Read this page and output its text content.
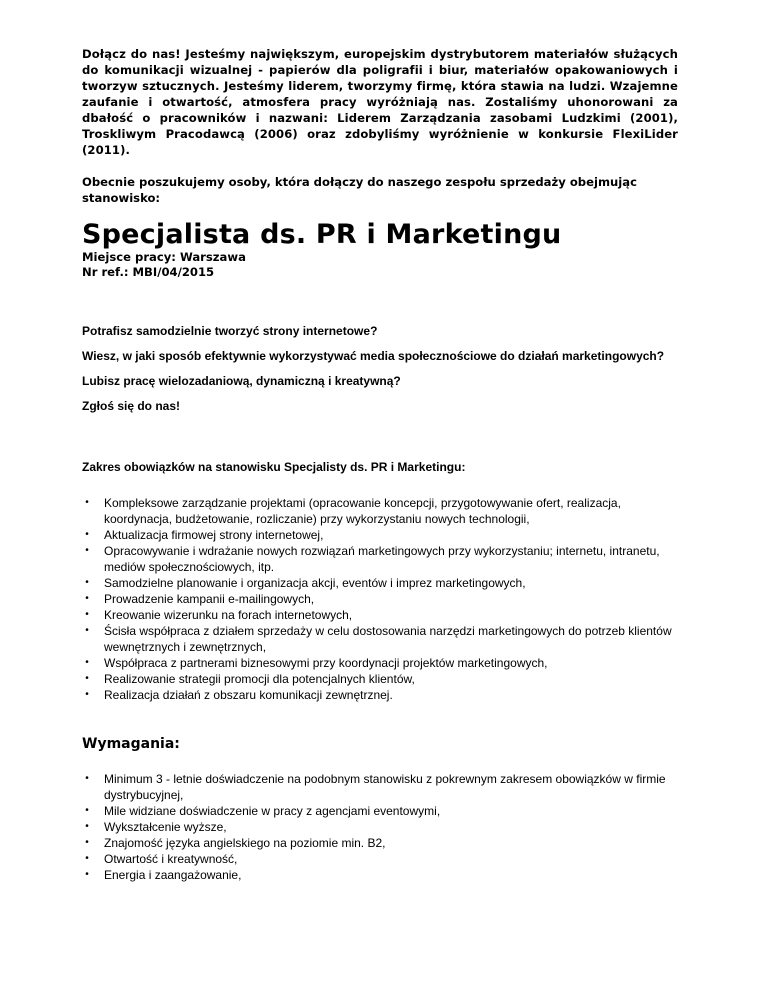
Dołącz do nas! Jesteśmy największym, europejskim dystrybutorem materiałów służących do komunikacji wizualnej - papierów dla poligrafii i biur, materiałów opakowaniowych i tworzyw sztucznych. Jesteśmy liderem, tworzymy firmę, która stawia na ludzi. Wzajemne zaufanie i otwartość, atmosfera pracy wyróżniają nas. Zostaliśmy uhonorowani za dbałość o pracowników i nazwani: Liderem Zarządzania zasobami Ludzkimi (2001), Troskliwym Pracodawcą (2006) oraz zdobyliśmy wyróżnienie w konkursie FlexiLider (2011).

Obecnie poszukujemy osoby, która dołączy do naszego zespołu sprzedaży obejmując stanowisko:

Specjalista ds. PR i Marketingu

Miejsce pracy: Warszawa

Nr ref.: MBI/04/2015

Potrafisz samodzielnie tworzyć strony internetowe?

Wiesz, w jaki sposób efektywnie wykorzystywać media społecznościowe do działań marketingowych?

Lubisz pracę wielozadaniową, dynamiczną i kreatywną?

Zgłoś się do nas!

Zakres obowiązków na stanowisku Specjalisty ds. PR i Marketingu:

• Kompleksowe zarządzanie projektami (opracowanie koncepcji, przygotowywanie ofert, realizacja, koordynacja, budżetowanie, rozliczanie) przy wykorzystaniu nowych technologii,
• Aktualizacja firmowej strony internetowej,
• Opracowywanie i wdrażanie nowych rozwiązań marketingowych przy wykorzystaniu; internetu, intranetu, mediów społecznościowych, itp.
• Samodzielne planowanie i organizacja akcji, eventów i imprez marketingowych,
• Prowadzenie kampanii e-mailingowych,
• Kreowanie wizerunku na forach internetowych,
• Ścisła współpraca z działem sprzedaży w celu dostosowania narzędzi marketingowych do potrzeb klientów wewnętrznych i zewnętrznych,
• Współpraca z partnerami biznesowymi przy koordynacji projektów marketingowych,
• Realizowanie strategii promocji dla potencjalnych klientów,
• Realizacja działań z obszaru komunikacji zewnętrznej.
Wymagania:
• Minimum 3 - letnie doświadczenie na podobnym stanowisku z pokrewnym zakresem obowiązków w firmie dystrybucyjnej,
• Mile widziane doświadczenie w pracy z agencjami eventowymi,
• Wykształcenie wyższe,
• Znajomość języka angielskiego na poziomie min. B2,
• Otwartość i kreatywność,
• Energia i zaangażowanie,
